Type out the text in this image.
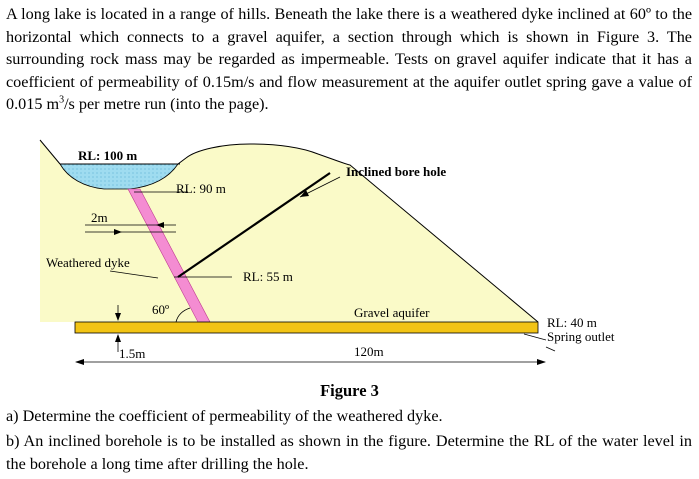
A long lake is located in a range of hills. Beneath the lake there is a weathered dyke inclined at 60º to the horizontal which connects to a gravel aquifer, a section through which is shown in Figure 3. The surrounding rock mass may be regarded as impermeable. Tests on gravel aquifer indicate that it has a coefficient of permeability of 0.15m/s and flow measurement at the aquifer outlet spring gave a value of 0.015 $m^3/s$ per metre run (into the page).

RL: 100 m
RL: 90 m
2m
Weathered dyke
60º
1.5m
RL: 55 m
Inclined bore hole
Gravel aquifer
120m
RL: 40 m
Spring outlet
Figure 3

a) Determine the coefficient of permeability of the weathered dyke.

b) An inclined borehole is to be installed as shown in the figure. Determine the RL of the water level in the borehole a long time after drilling the hole.
